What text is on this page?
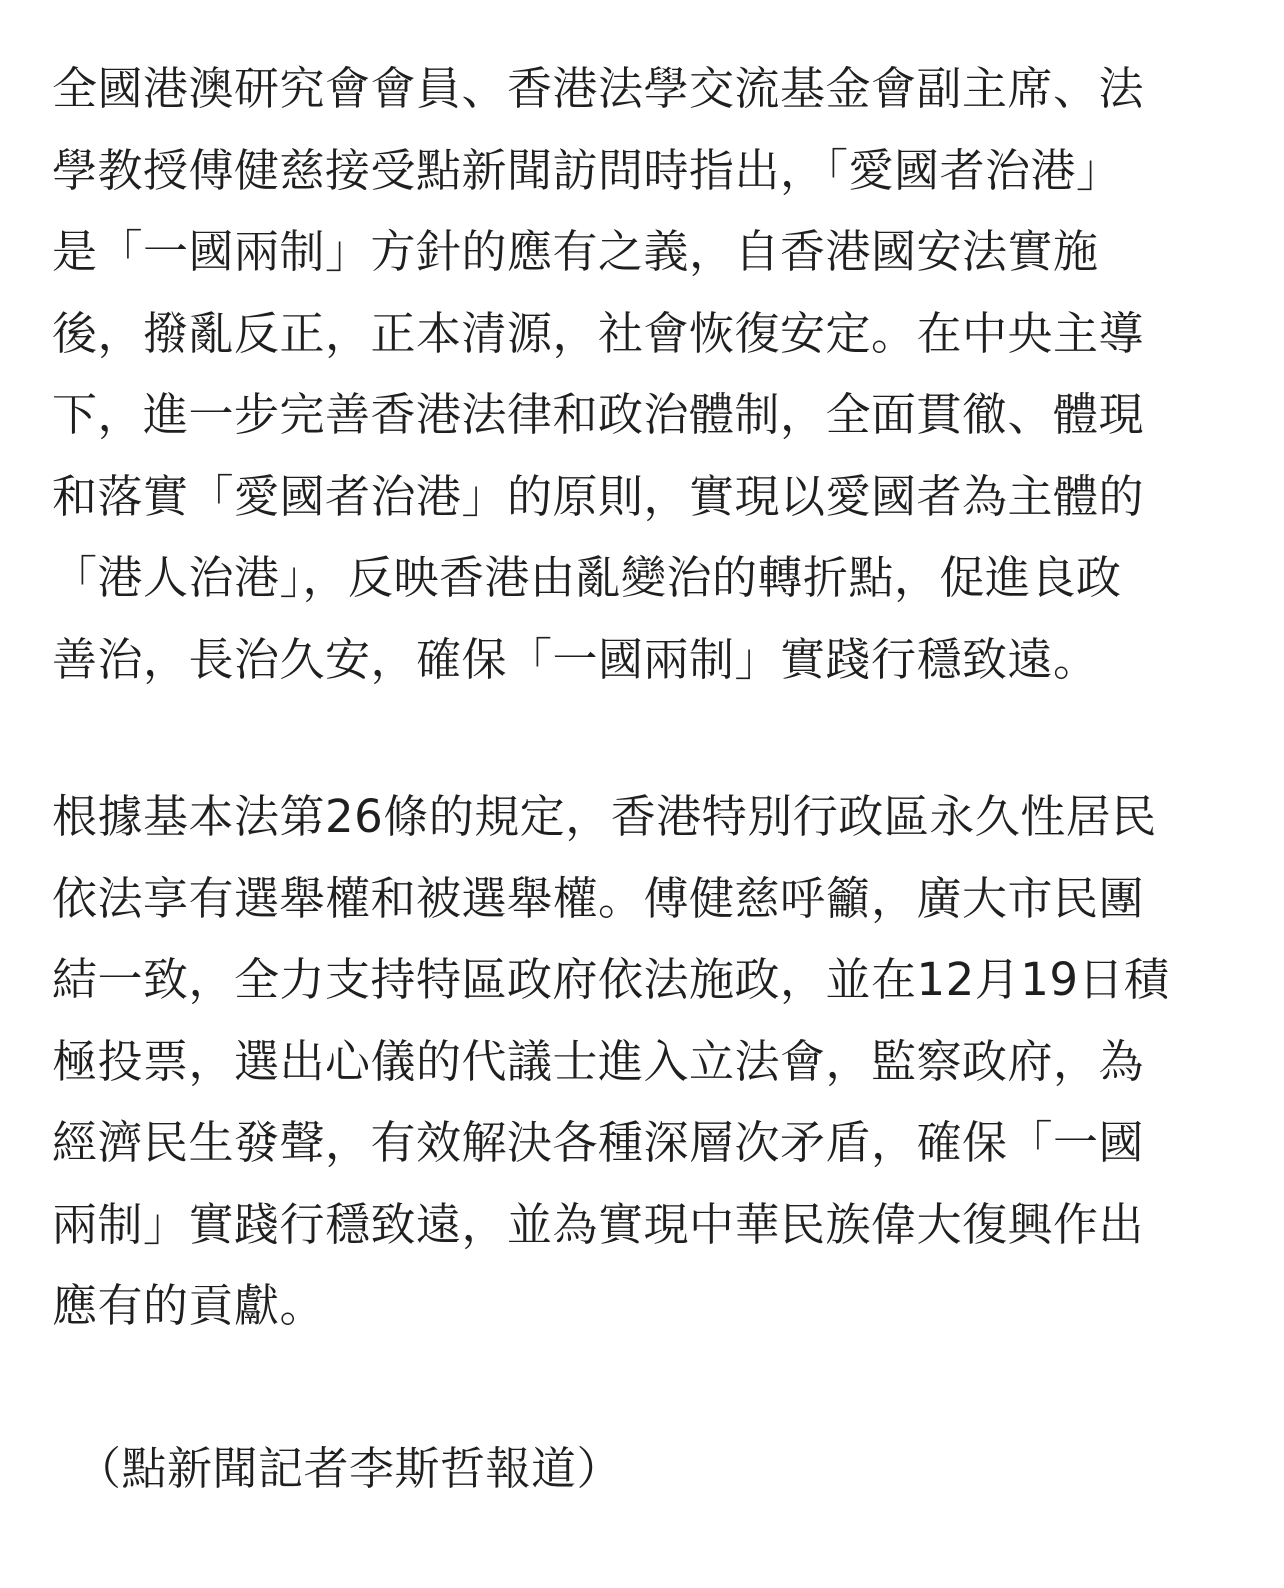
全國港澳研究會會員、香港法學交流基金會副主席、法
學教授傅健慈接受點新聞訪問時指出，「愛國者治港」
是「一國兩制」方針的應有之義，自香港國安法實施
後，撥亂反正，正本清源，社會恢復安定。在中央主導
下，進一步完善香港法律和政治體制，全面貫徹、體現
和落實「愛國者治港」的原則，實現以愛國者為主體的
「港人治港」，反映香港由亂變治的轉折點，促進良政
善治，長治久安，確保「一國兩制」實踐行穩致遠。
根據基本法第26條的規定，香港特別行政區永久性居民
依法享有選舉權和被選舉權。傅健慈呼籲，廣大市民團
結一致，全力支持特區政府依法施政，並在12月19日積
極投票，選出心儀的代議士進入立法會，監察政府，為
經濟民生發聲，有效解決各種深層次矛盾，確保「一國
兩制」實踐行穩致遠，並為實現中華民族偉大復興作出
應有的貢獻。
（點新聞記者李斯哲報道）
